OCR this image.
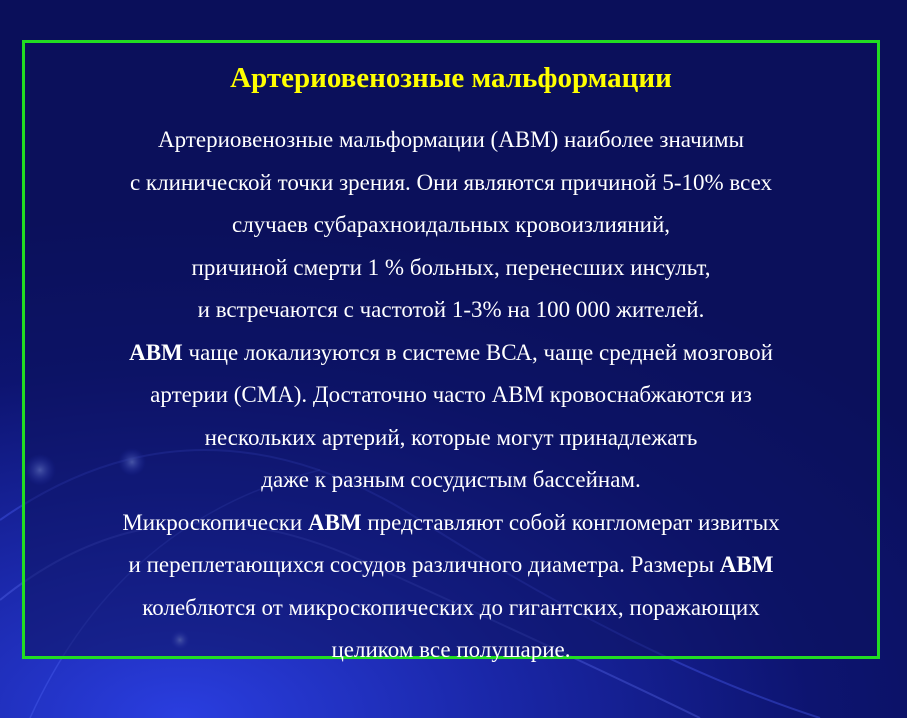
Артериовенозные мальформации
Артериовенозные мальформации (АВМ) наиболее значимы
с клинической точки зрения. Они являются причиной 5-10% всех
случаев субарахноидальных кровоизлияний,
причиной смерти 1 % больных, перенесших инсульт,
и встречаются с частотой 1-3% на 100 000 жителей.
АВМ чаще локализуются в системе ВСА, чаще средней мозговой
артерии (СМА). Достаточно часто АВМ кровоснабжаются из
нескольких артерий, которые могут принадлежать
даже к разным сосудистым бассейнам.
Микроскопически АВМ представляют собой конгломерат извитых
и переплетающихся сосудов различного диаметра. Размеры АВМ
колеблются от микроскопических до гигантских, поражающих
целиком все полушарие.
